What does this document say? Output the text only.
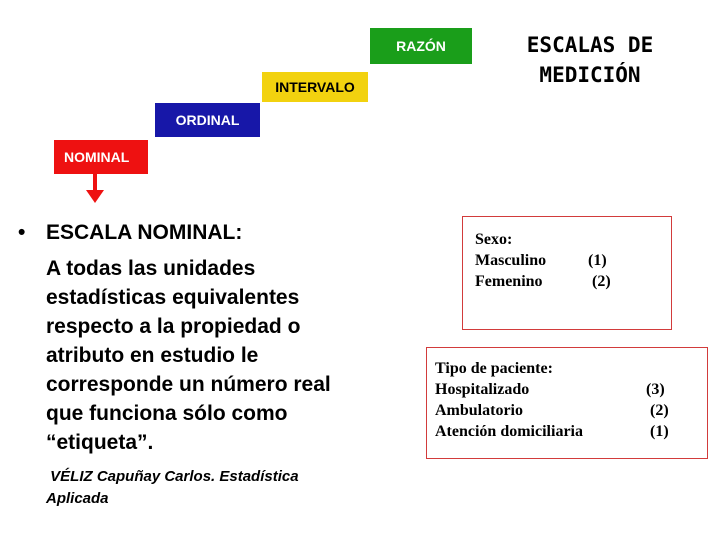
RAZÓN
INTERVALO
ORDINAL
NOMINAL
ESCALAS DE
MEDICIÓN
• ESCALA NOMINAL:
A todas las unidades
estadísticas equivalentes
respecto a la propiedad o
atributo en estudio le
corresponde un número real
que funciona sólo como
“etiqueta”.
VÉLIZ Capuñay Carlos. Estadística
Aplicada
Sexo:
Masculino	(1)
Femenino	(2)
Tipo de paciente:
Hospitalizado	(3)
Ambulatorio	(2)
Atención domiciliaria	(1)
